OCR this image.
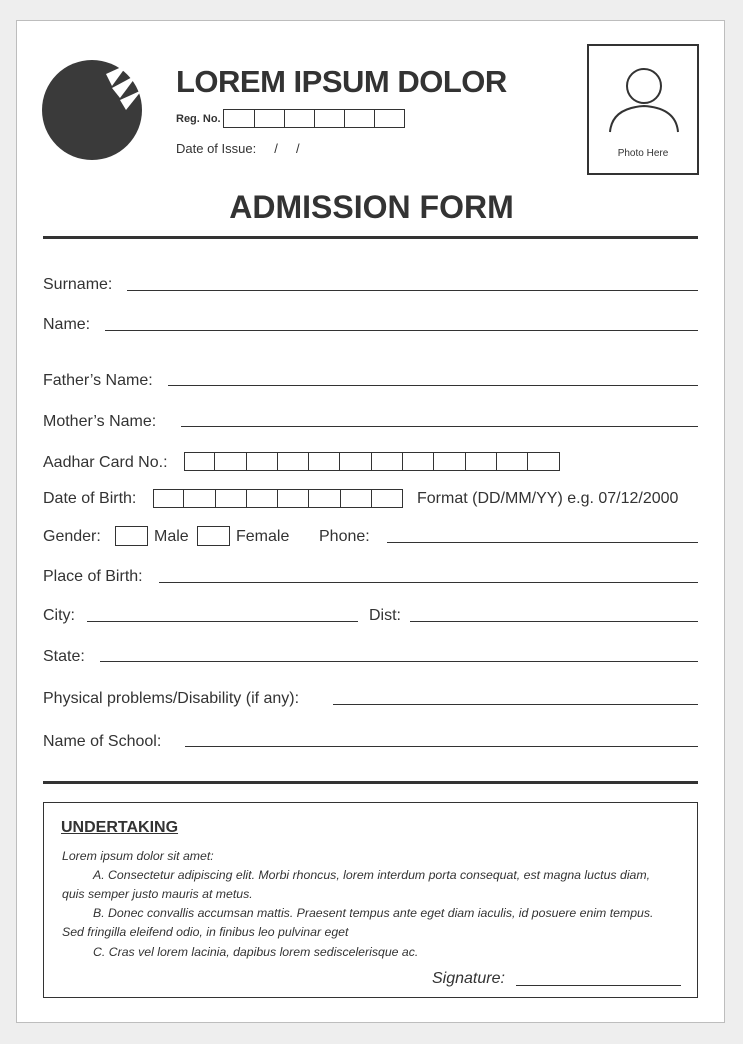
LOREM IPSUM DOLOR
Reg. No.
Date of Issue:     /     /	Photo Here
ADMISSION FORM
Surname:
Name:
Father’s Name:
Mother’s Name:
Aadhar Card No.:
Date of Birth:	Format (DD/MM/YY) e.g. 07/12/2000
Gender:	Male	Female Phone:
Place of Birth:
City:	Dist:
State:
Physical problems/Disability (if any):
Name of School:
UNDERTAKING
Lorem ipsum dolor sit amet:
A. Consectetur adipiscing elit. Morbi rhoncus, lorem interdum porta consequat, est magna luctus diam,
quis semper justo mauris at metus.
B. Donec convallis accumsan mattis. Praesent tempus ante eget diam iaculis, id posuere enim tempus.
Sed fringilla eleifend odio, in finibus leo pulvinar eget
C. Cras vel lorem lacinia, dapibus lorem sediscelerisque ac.
Signature:
